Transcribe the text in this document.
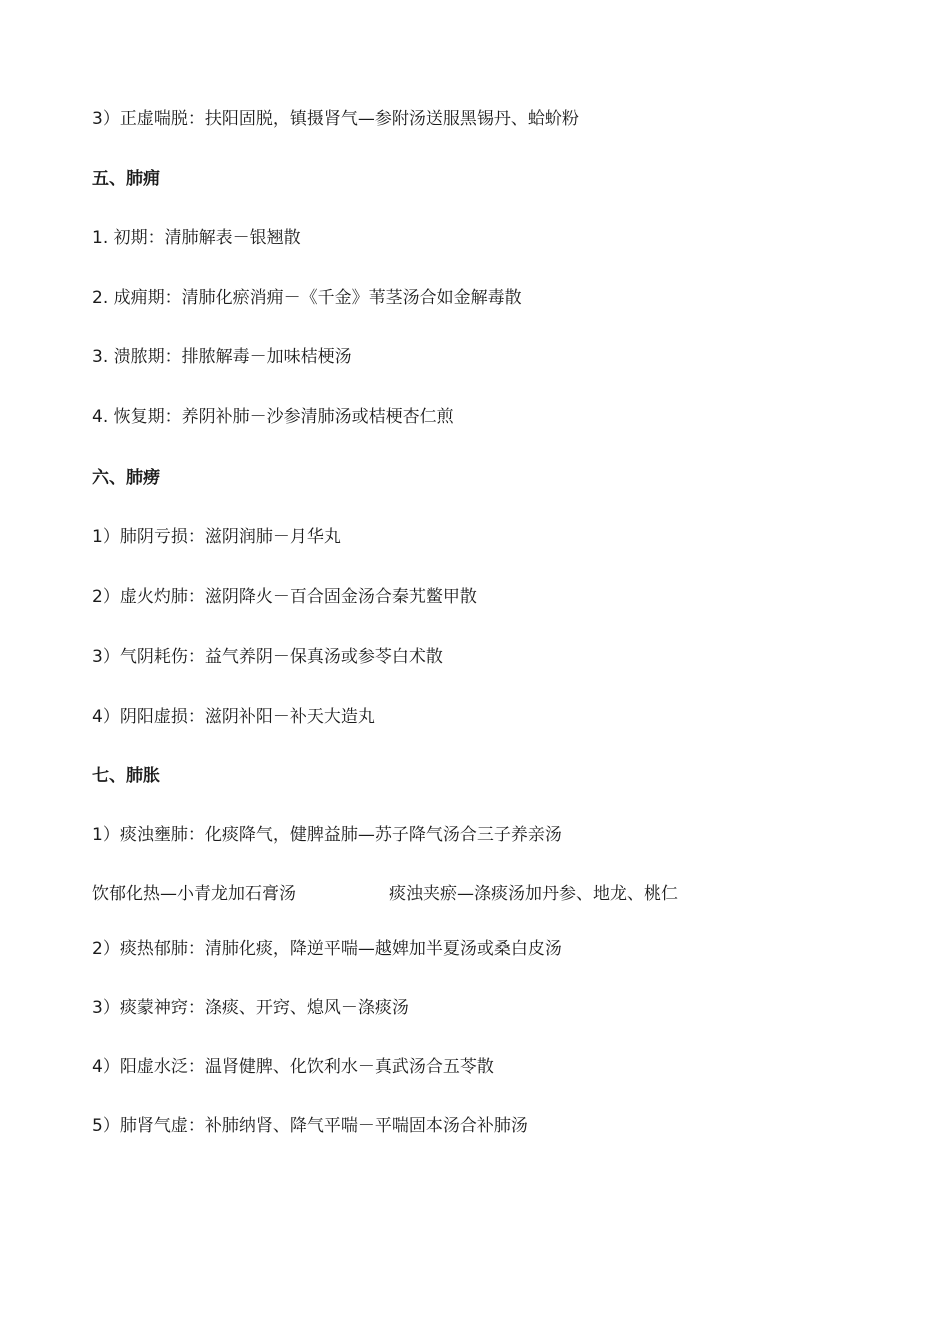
3）正虚喘脱：扶阳固脱，镇摄肾气—参附汤送服黑锡丹、蛤蚧粉
五、肺痈
1. 初期：清肺解表－银翘散
2. 成痈期：清肺化瘀消痈－《千金》苇茎汤合如金解毒散
3. 溃脓期：排脓解毒－加味桔梗汤
4. 恢复期：养阴补肺－沙参清肺汤或桔梗杏仁煎
六、肺痨
1）肺阴亏损：滋阴润肺－月华丸
2）虚火灼肺：滋阴降火－百合固金汤合秦艽鳖甲散
3）气阴耗伤：益气养阴－保真汤或参苓白术散
4）阴阳虚损：滋阴补阳－补天大造丸
七、肺胀
1）痰浊壅肺：化痰降气，健脾益肺—苏子降气汤合三子养亲汤
饮郁化热—小青龙加石膏汤	痰浊夹瘀—涤痰汤加丹参、地龙、桃仁
2）痰热郁肺：清肺化痰，降逆平喘—越婢加半夏汤或桑白皮汤
3）痰蒙神窍：涤痰、开窍、熄风－涤痰汤
4）阳虚水泛：温肾健脾、化饮利水－真武汤合五苓散
5）肺肾气虚：补肺纳肾、降气平喘－平喘固本汤合补肺汤
